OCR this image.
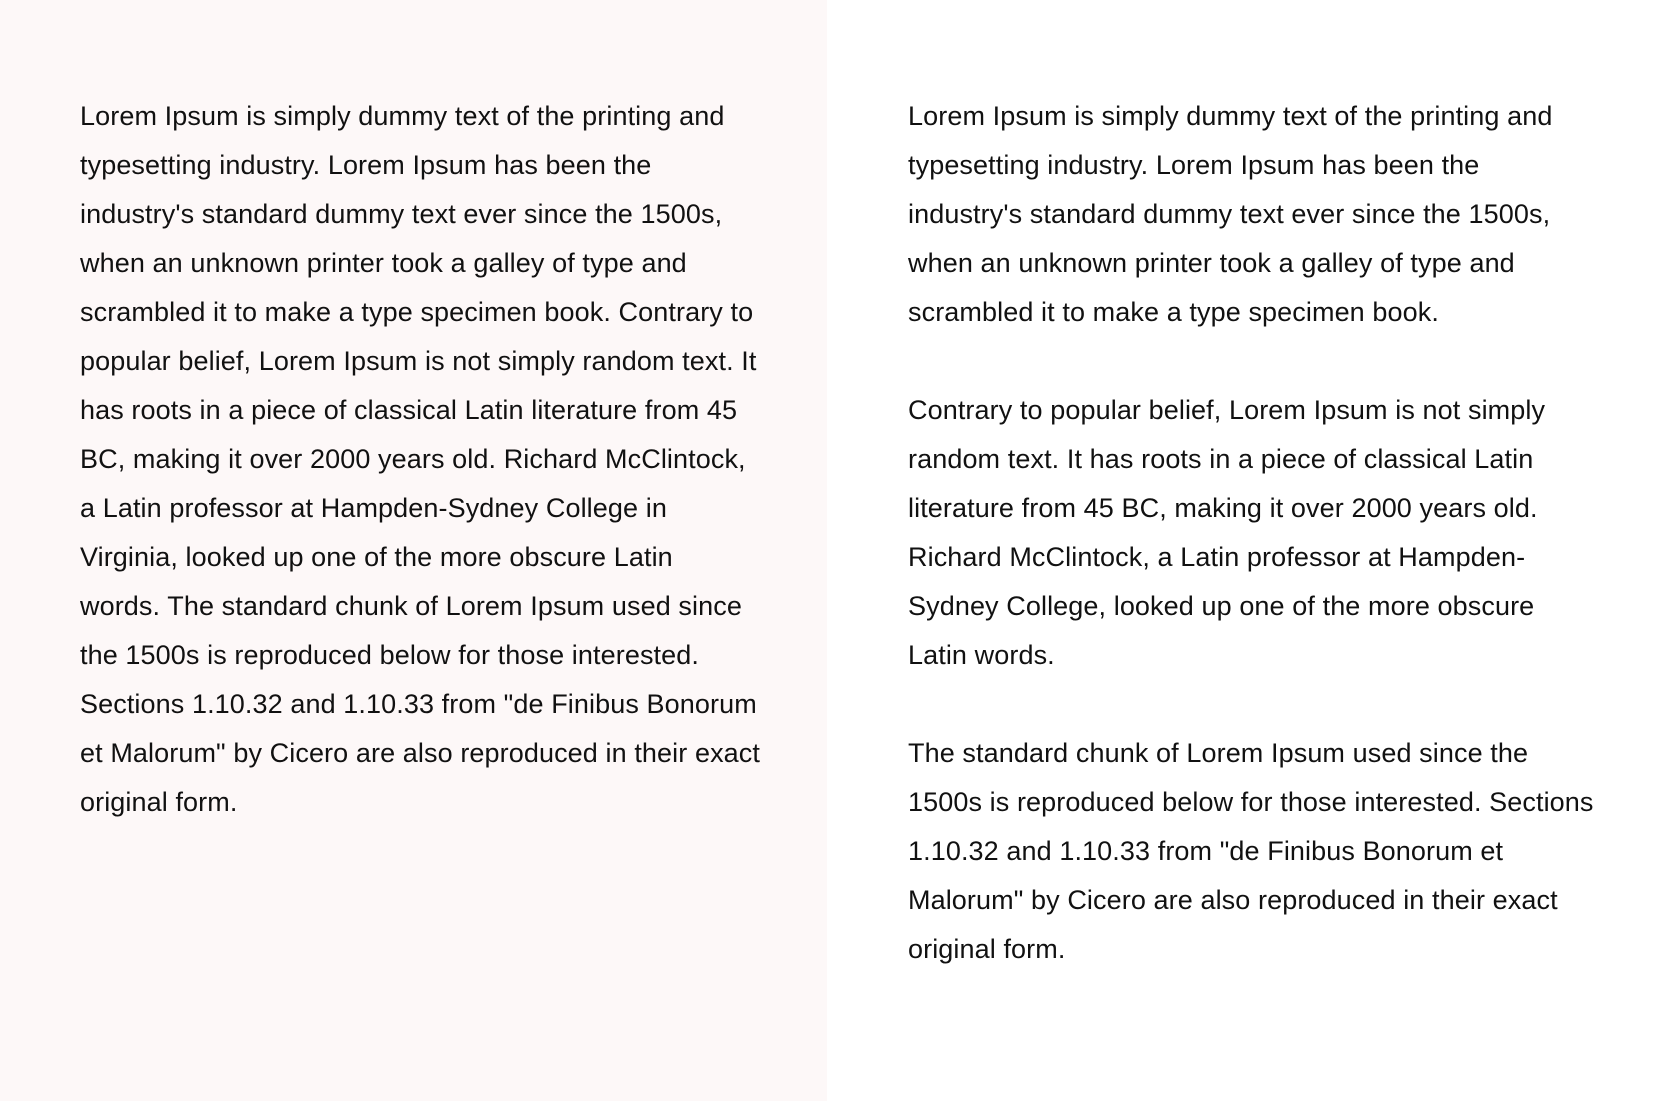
Lorem Ipsum is simply dummy text of the printing and typesetting industry. Lorem Ipsum has been the industry's standard dummy text ever since the 1500s, when an unknown printer took a galley of type and scrambled it to make a type specimen book. Contrary to popular belief, Lorem Ipsum is not simply random text. It has roots in a piece of classical Latin literature from 45 BC, making it over 2000 years old. Richard McClintock, a Latin professor at Hampden-Sydney College in Virginia, looked up one of the more obscure Latin words. The standard chunk of Lorem Ipsum used since the 1500s is reproduced below for those interested. Sections 1.10.32 and 1.10.33 from "de Finibus Bonorum et Malorum" by Cicero are also reproduced in their exact original form.

Lorem Ipsum is simply dummy text of the printing and typesetting industry. Lorem Ipsum has been the industry's standard dummy text ever since the 1500s, when an unknown printer took a galley of type and scrambled it to make a type specimen book.

Contrary to popular belief, Lorem Ipsum is not simply random text. It has roots in a piece of classical Latin literature from 45 BC, making it over 2000 years old. Richard McClintock, a Latin professor at Hampden-Sydney College, looked up one of the more obscure Latin words.

The standard chunk of Lorem Ipsum used since the 1500s is reproduced below for those interested. Sections 1.10.32 and 1.10.33 from "de Finibus Bonorum et Malorum" by Cicero are also reproduced in their exact original form.
